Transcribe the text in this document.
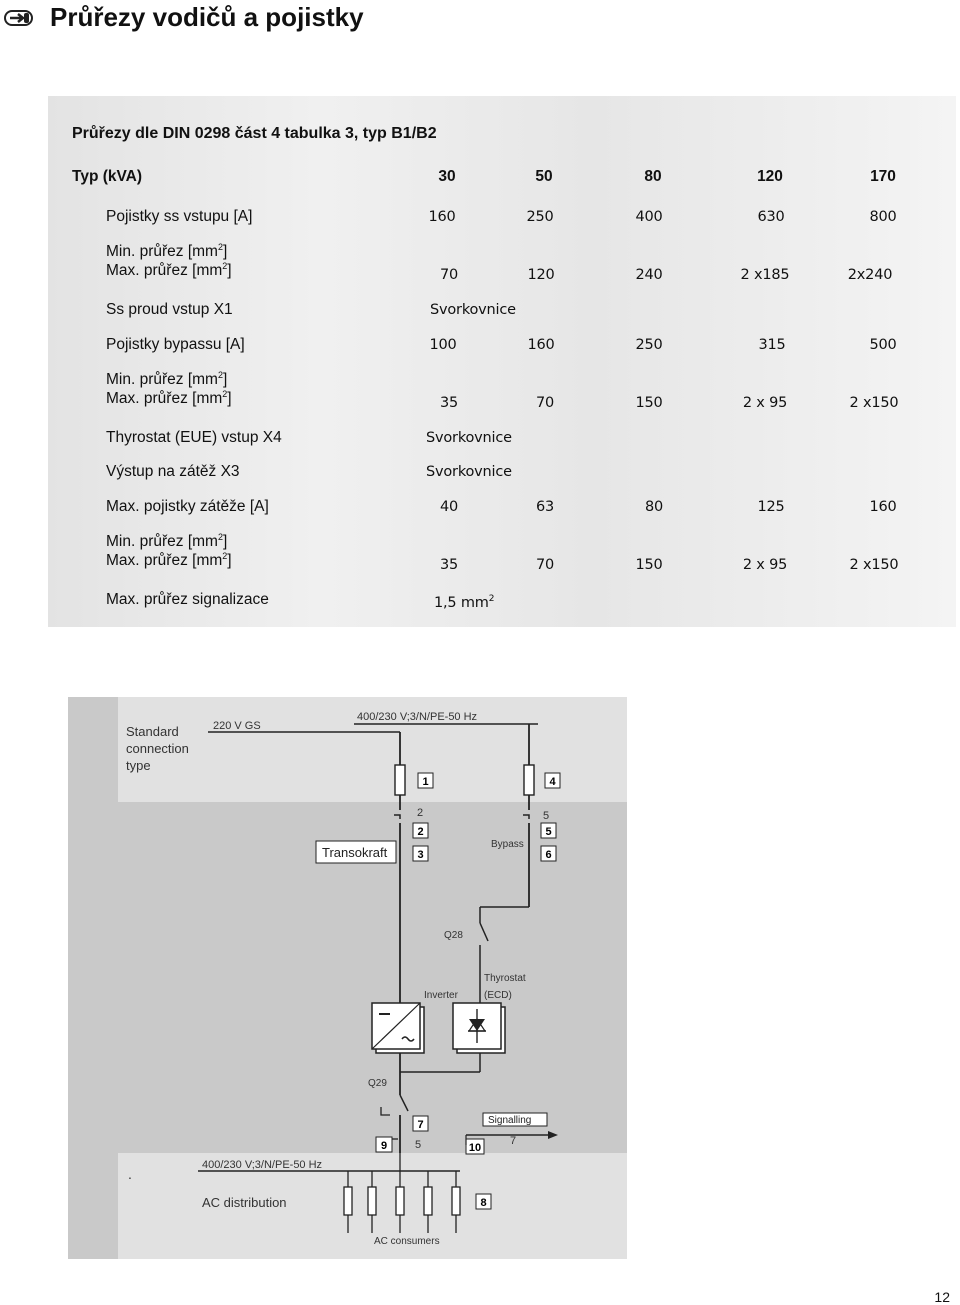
Průřezy vodičů a pojistky
Průřezy dle DIN 0298 část 4 tabulka 3, typ B1/B2
Typ (kVA)	30	50	80	120	170
Pojistky ss vstupu [A]	160	250	400	630	800
Min. průřez $[mm^2]$
Max. průřez $[mm^2]$	70	120	240	2 x185	2x240
Ss proud vstup X1	Svorkovnice
Pojistky bypassu [A]	100	160	250	315	500
Min. průřez $[mm^2]$
Max. průřez $[mm^2]$	35	70	150	2 x 95	2 x150
Thyrostat (EUE) vstup X4	Svorkovnice
Výstup na zátěž X3	Svorkovnice
Max. pojistky zátěže [A]	40	63	80	125	160
Min. průřez $[mm^2]$
Max. průřez $[mm^2]$	35	70	150	2 x 95	2 x150
Max. průřez signalizace	1,5 $mm^2$
Standard
connection
type
220 V GS
400/230 V;3/N/PE-50 Hz
1
2
3
4
5
6
7
2	5
Transokraft
Bypass
Q28
Thyrostat
(ECD)
Inverter
Q29
9	10
5	7
Signalling
.
400/230 V;3/N/PE-50 Hz
AC distribution	8
AC consumers
12
